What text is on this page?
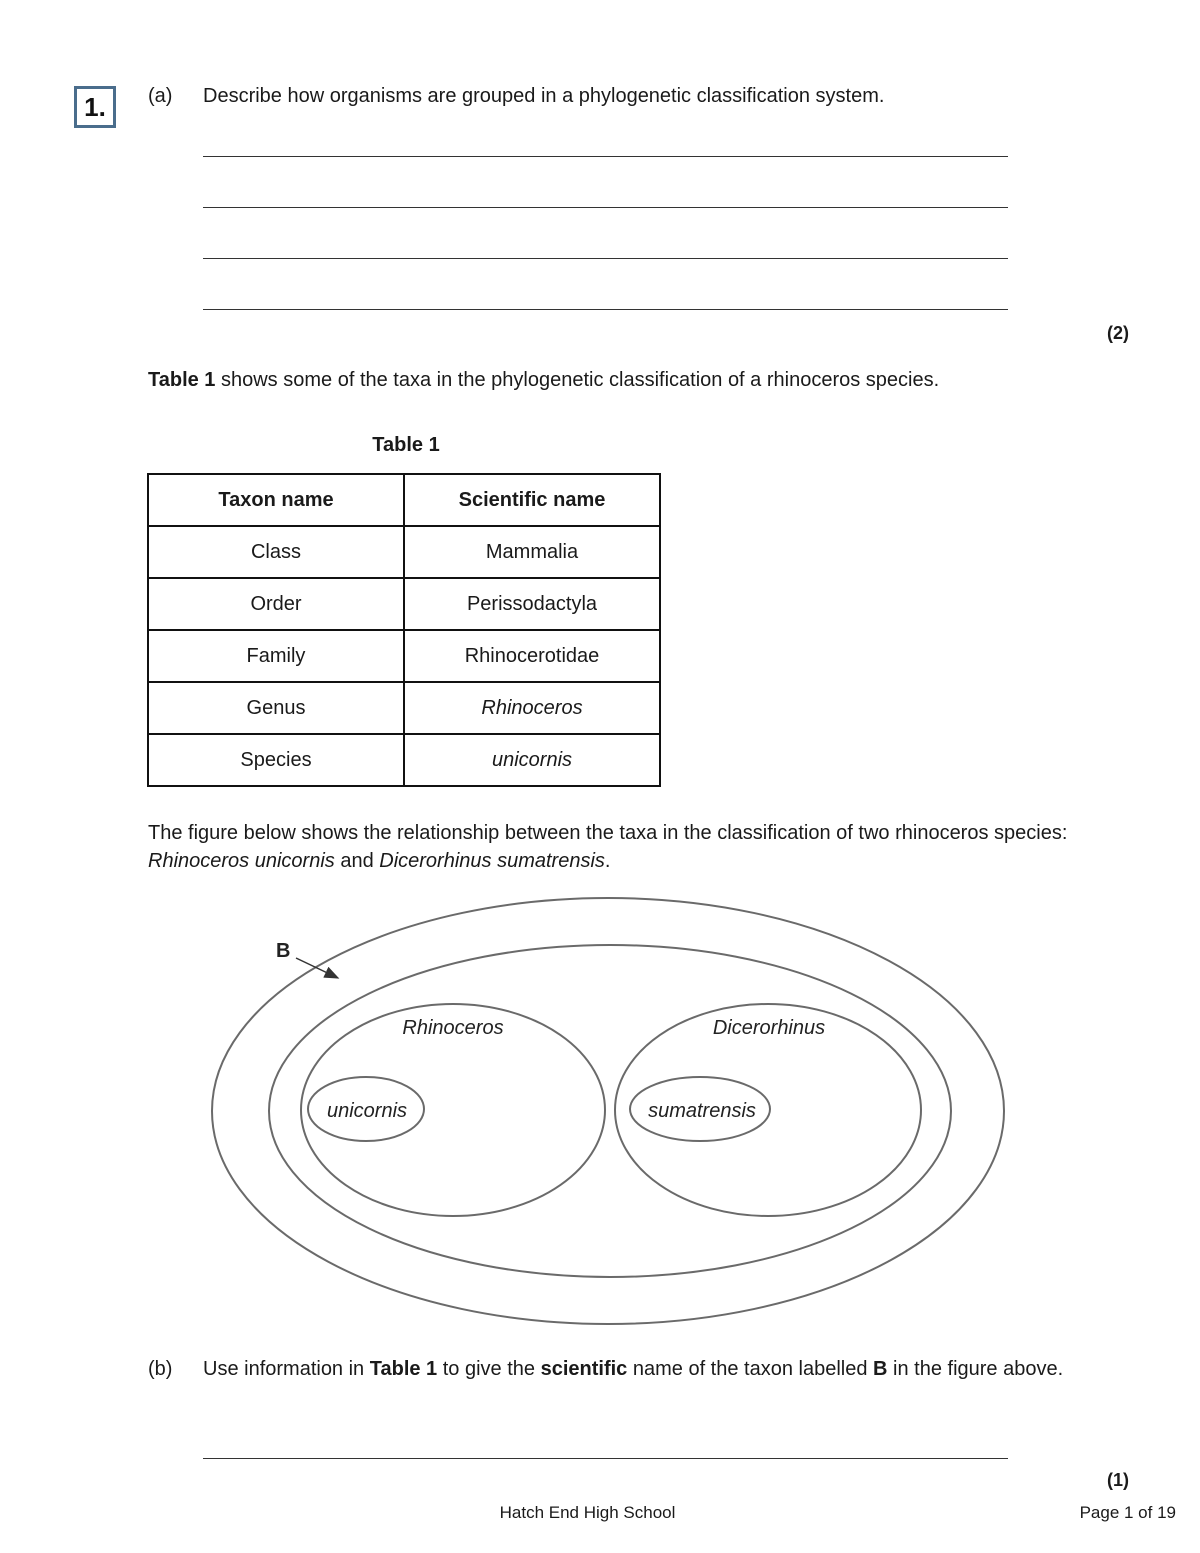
1.	(a) Describe how organisms are grouped in a phylogenetic classification system.
(2)
Table 1 shows some of the taxa in the phylogenetic classification of a rhinoceros species.
Table 1
Taxon name	Scientific name
Class	Mammalia
Order	Perissodactyla
Family	Rhinocerotidae
Genus	Rhinoceros
Species	unicornis
The figure below shows the relationship between the taxa in the classification of two rhinoceros species: Rhinoceros unicornis and Dicerorhinus sumatrensis.
B
Rhinoceros	Dicerorhinus
unicornis	sumatrensis
(b) Use information in Table 1 to give the scientific name of the taxon labelled B in the figure above.
(1)
Hatch End High School	Page 1 of 19
